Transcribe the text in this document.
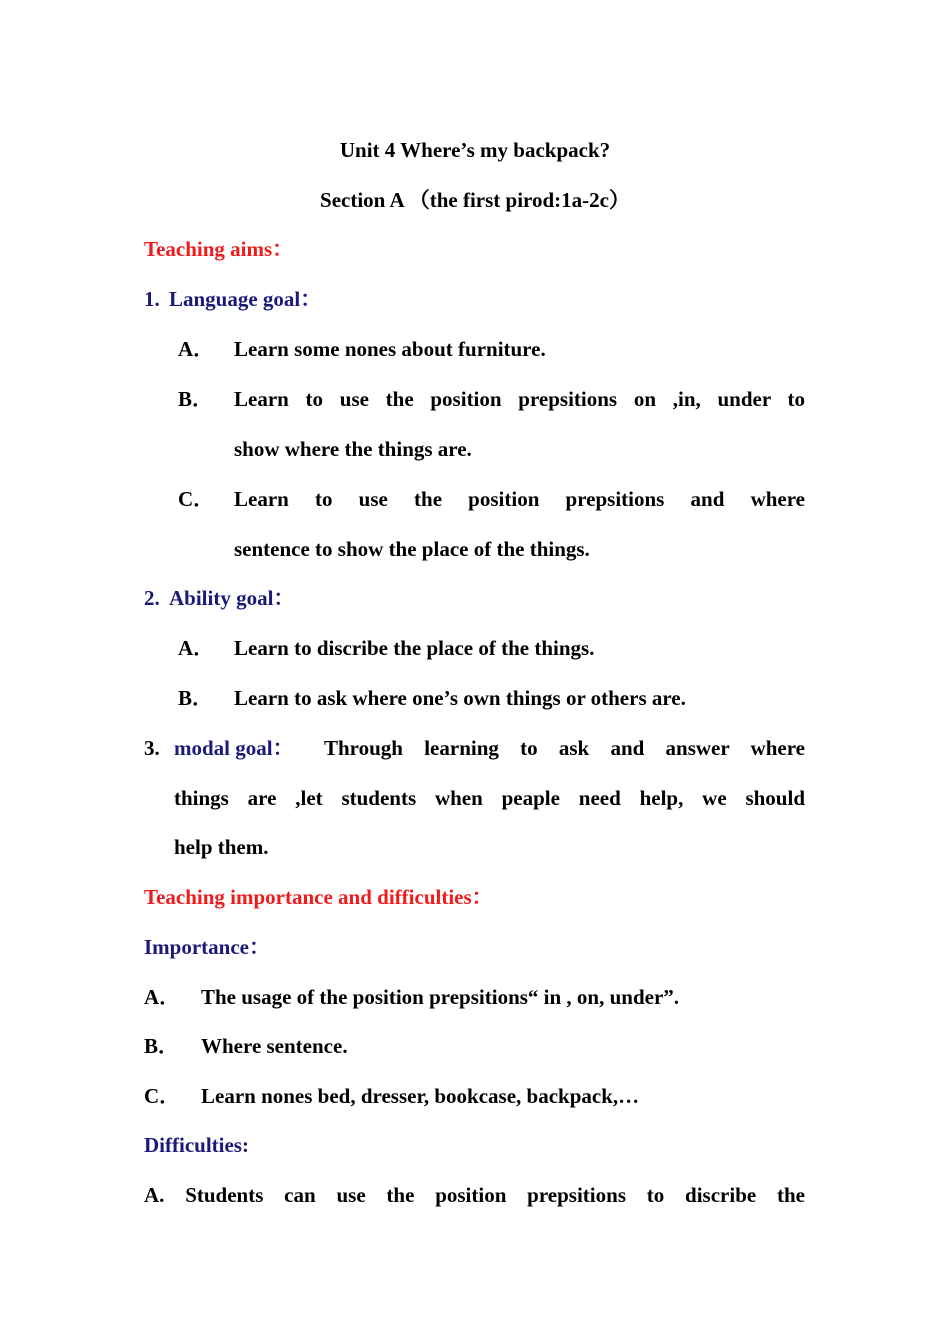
Unit 4 Where’s my backpack?
Section A （the first pirod:1a-2c）
Teaching aims：
1. Language goal：
A． Learn some nones about furniture.
B． Learn to use the position prepsitions on ,in, under to
show where the things are.
C． Learn to use the position prepsitions and where
sentence to show the place of the things.
2. Ability goal：
A． Learn to discribe the place of the things.
B． Learn to ask where one’s own things or others are.
3. modal goal： Through learning to ask and answer where
things are ,let students when peaple need help, we should
help them.
Teaching importance and difficulties：
Importance：
A． The usage of the position prepsitions“ in , on, under”.
B． Where sentence.
C． Learn nones bed, dresser, bookcase, backpack,…
Difficulties:
A. Students can use the position prepsitions to discribe the
